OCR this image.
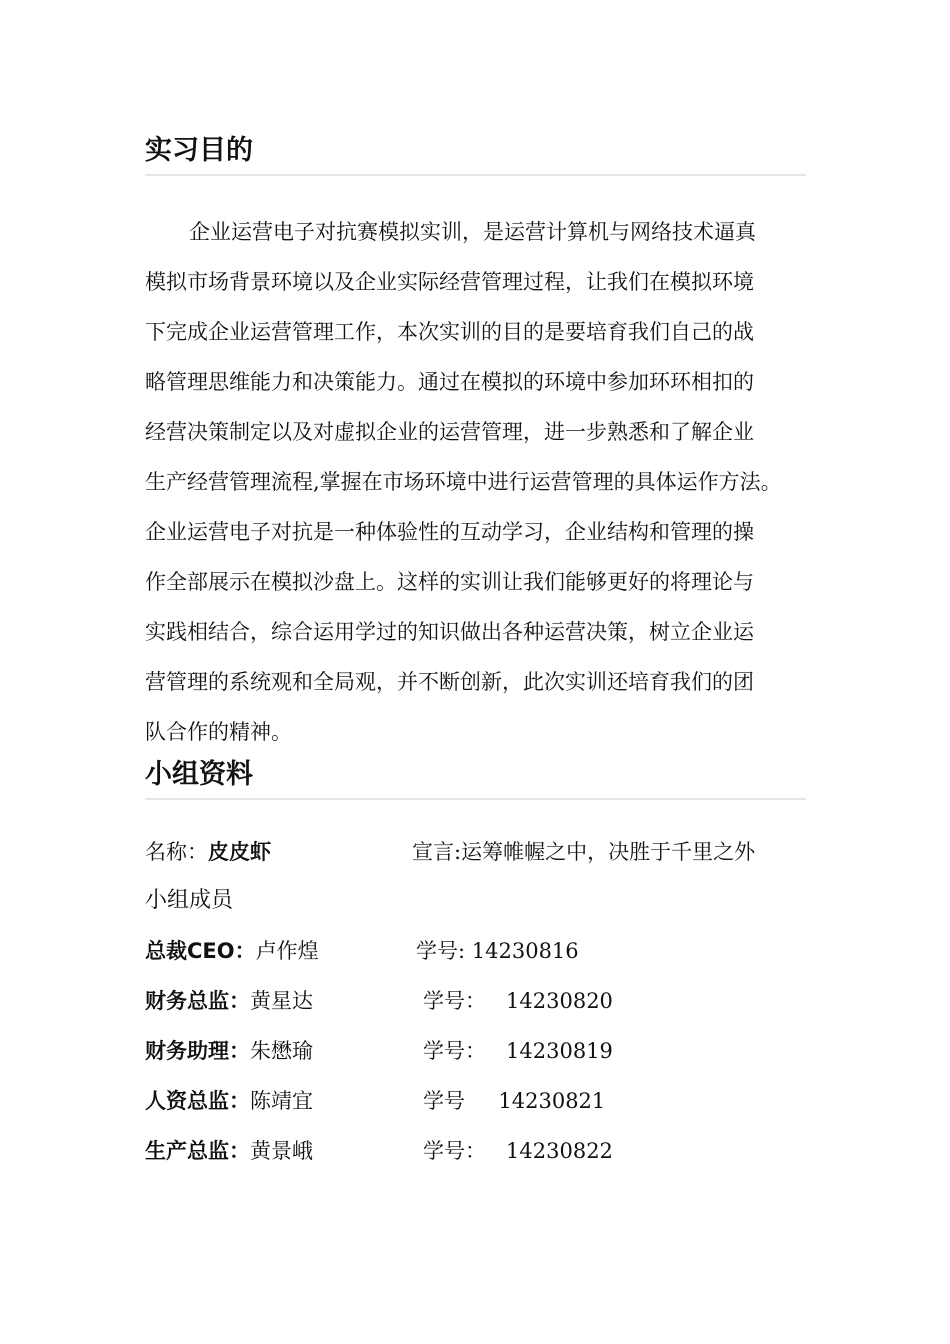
实习目的
企业运营电子对抗赛模拟实训，是运营计算机与网络技术逼真
模拟市场背景环境以及企业实际经营管理过程，让我们在模拟环境
下完成企业运营管理工作，本次实训的目的是要培育我们自己的战
略管理思维能力和决策能力。通过在模拟的环境中参加环环相扣的
经营决策制定以及对虚拟企业的运营管理，进一步熟悉和了解企业
生产经营管理流程,掌握在市场环境中进行运营管理的具体运作方法。
企业运营电子对抗是一种体验性的互动学习，企业结构和管理的操
作全部展示在模拟沙盘上。这样的实训让我们能够更好的将理论与
实践相结合，综合运用学过的知识做出各种运营决策，树立企业运
营管理的系统观和全局观，并不断创新，此次实训还培育我们的团
队合作的精神。
小组资料
名称：皮皮虾	宣言:运筹帷幄之中，决胜于千里之外
小组成员
总裁CEO：卢作煌	学号: 14230816
财务总监：黄星达	学号： 14230820
财务助理：朱懋瑜	学号： 14230819
人资总监：陈靖宜	学号 14230821
生产总监：黄景峨	学号： 14230822
